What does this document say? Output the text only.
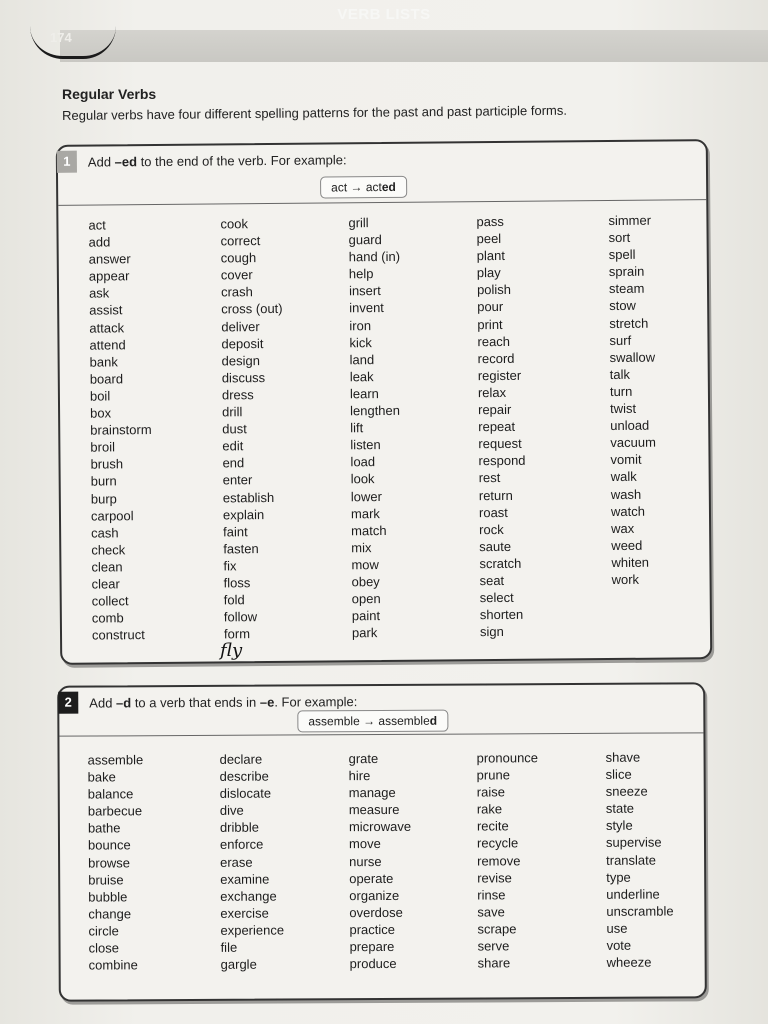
174
VERB LISTS
Regular Verbs
Regular verbs have four different spelling patterns for the past and past participle forms.
1	Add –ed to the end of the verb. For example:
act → acted
act
add
answer
appear
ask
assist
attack
attend
bank
board
boil
box
brainstorm
broil
brush
burn
burp
carpool
cash
check
clean
clear
collect
comb
construct
cook
correct
cough
cover
crash
cross (out)
deliver
deposit
design
discuss
dress
drill
dust
edit
end
enter
establish
explain
faint
fasten
fix
floss
fold
follow
form
grill
guard
hand (in)
help
insert
invent
iron
kick
land
leak
learn
lengthen
lift
listen
load
look
lower
mark
match
mix
mow
obey
open
paint
park
pass
peel
plant
play
polish
pour
print
reach
record
register
relax
repair
repeat
request
respond
rest
return
roast
rock
saute
scratch
seat
select
shorten
sign
simmer
sort
spell
sprain
steam
stow
stretch
surf
swallow
talk
turn
twist
unload
vacuum
vomit
walk
wash
watch
wax
weed
whiten
work
fly
2	Add –d to a verb that ends in –e. For example:
assemble → assembled
assemble
bake
balance
barbecue
bathe
bounce
browse
bruise
bubble
change
circle
close
combine
declare
describe
dislocate
dive
dribble
enforce
erase
examine
exchange
exercise
experience
file
gargle
grate
hire
manage
measure
microwave
move
nurse
operate
organize
overdose
practice
prepare
produce
pronounce
prune
raise
rake
recite
recycle
remove
revise
rinse
save
scrape
serve
share
shave
slice
sneeze
state
style
supervise
translate
type
underline
unscramble
use
vote
wheeze
